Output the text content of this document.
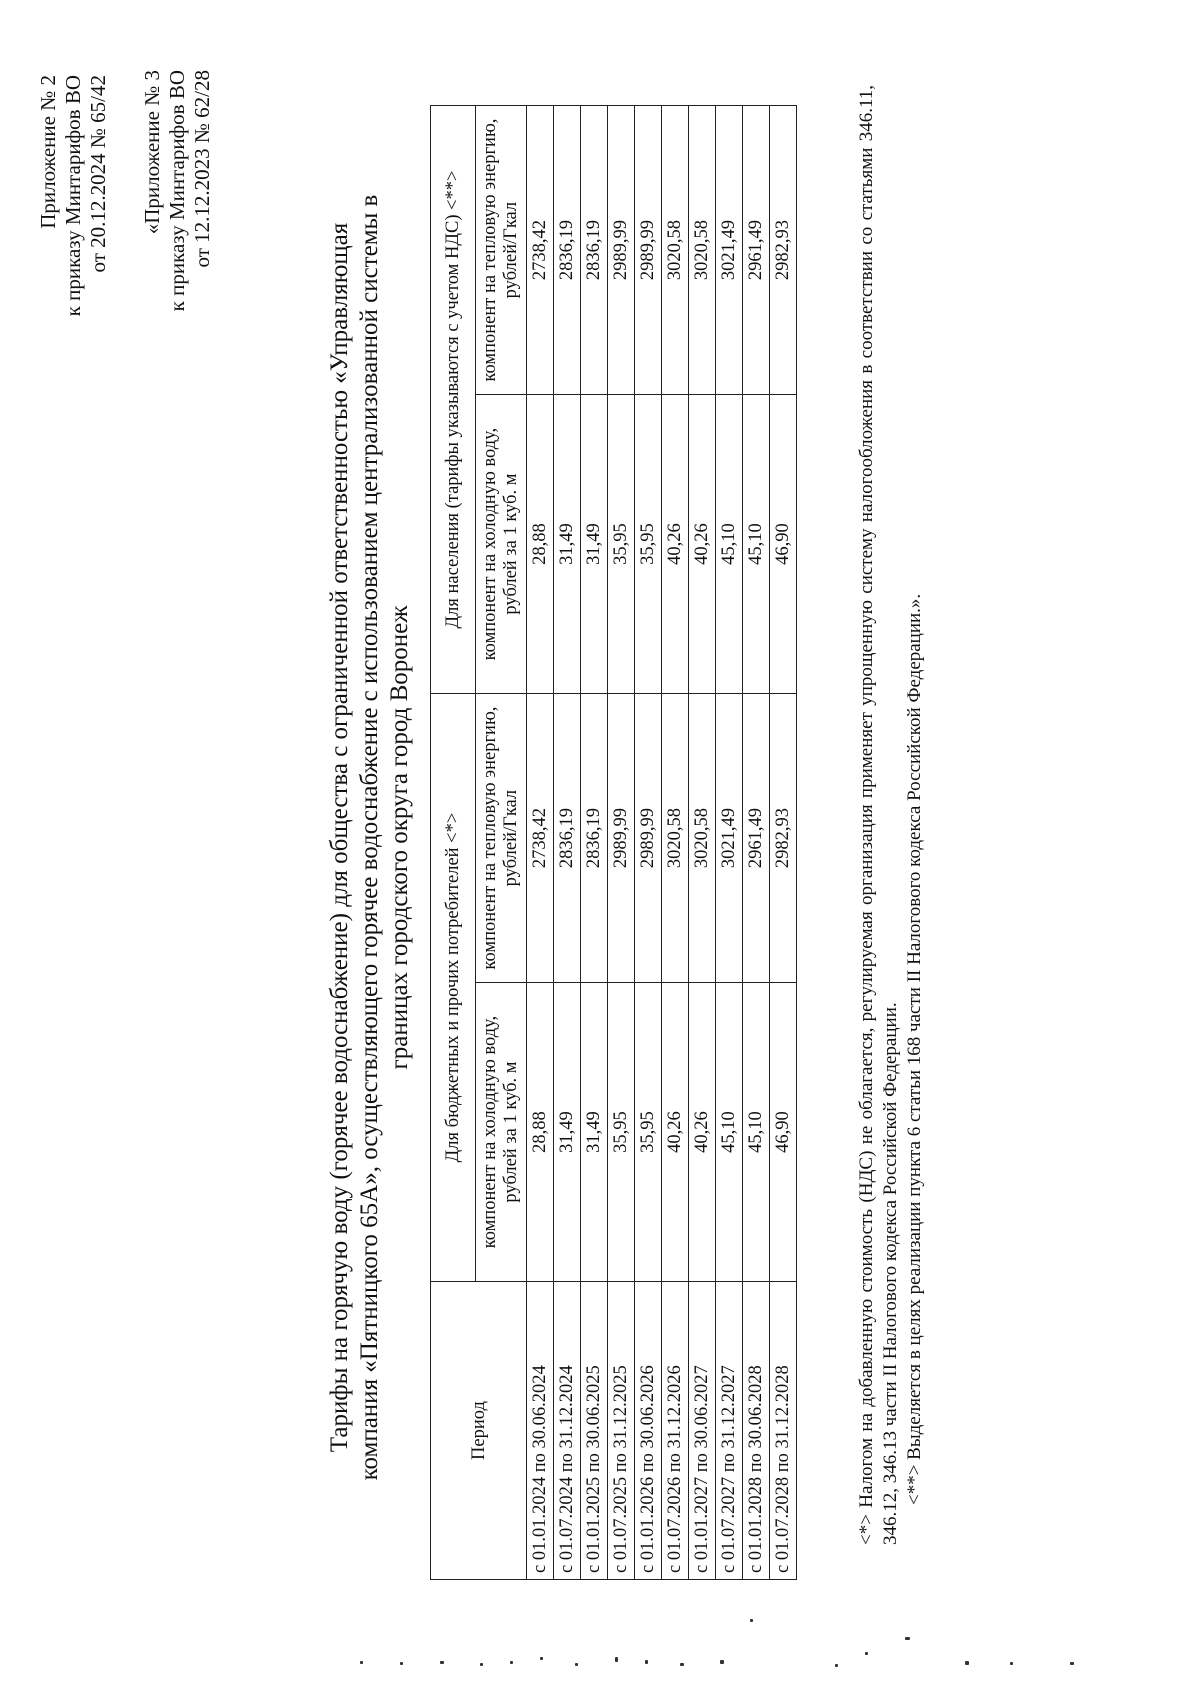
Приложение № 2 к приказу Минтарифов ВО от 20.12.2024 № 65/42 «Приложение № 3 к приказу Минтарифов ВО от 12.12.2023 № 62/28
Тарифы на горячую воду (горячее водоснабжение) для общества с ограниченной ответственностью «Управляющая компания «Пятницкого 65А», осуществляющего горячее водоснабжение с использованием централизованной системы в границах городского округа город Воронеж
Период	Для бюджетных и прочих потребителей <*>		Для населения (тарифы указываются с учетом НДС) <**>	
	компонент на холодную воду, рублей за 1 куб. м	компонент на тепловую энергию, рублей/Гкал	компонент на холодную воду, рублей за 1 куб. м	компонент на тепловую энергию, рублей/Гкал
с 01.01.2024 по 30.06.2024	28,88	2738,42	28,88	2738,42
с 01.07.2024 по 31.12.2024	31,49	2836,19	31,49	2836,19
с 01.01.2025 по 30.06.2025	31,49	2836,19	31,49	2836,19
с 01.07.2025 по 31.12.2025	35,95	2989,99	35,95	2989,99
с 01.01.2026 по 30.06.2026	35,95	2989,99	35,95	2989,99
с 01.07.2026 по 31.12.2026	40,26	3020,58	40,26	3020,58
с 01.01.2027 по 30.06.2027	40,26	3020,58	40,26	3020,58
с 01.07.2027 по 31.12.2027	45,10	3021,49	45,10	3021,49
с 01.01.2028 по 30.06.2028	45,10	2961,49	45,10	2961,49
с 01.07.2028 по 31.12.2028	46,90	2982,93	46,90	2982,93	<*> Налогом на добавленную стоимость (НДС) не облагается, регулируемая организация применяет упрощенную систему налогообложения в соответствии со статьями 346.11, 346.12, 346.13 части II Налогового кодекса Российской Федерации. <**> Выделяется в целях реализации пункта 6 статьи 168 части II Налогового кодекса Российской Федерации.».
